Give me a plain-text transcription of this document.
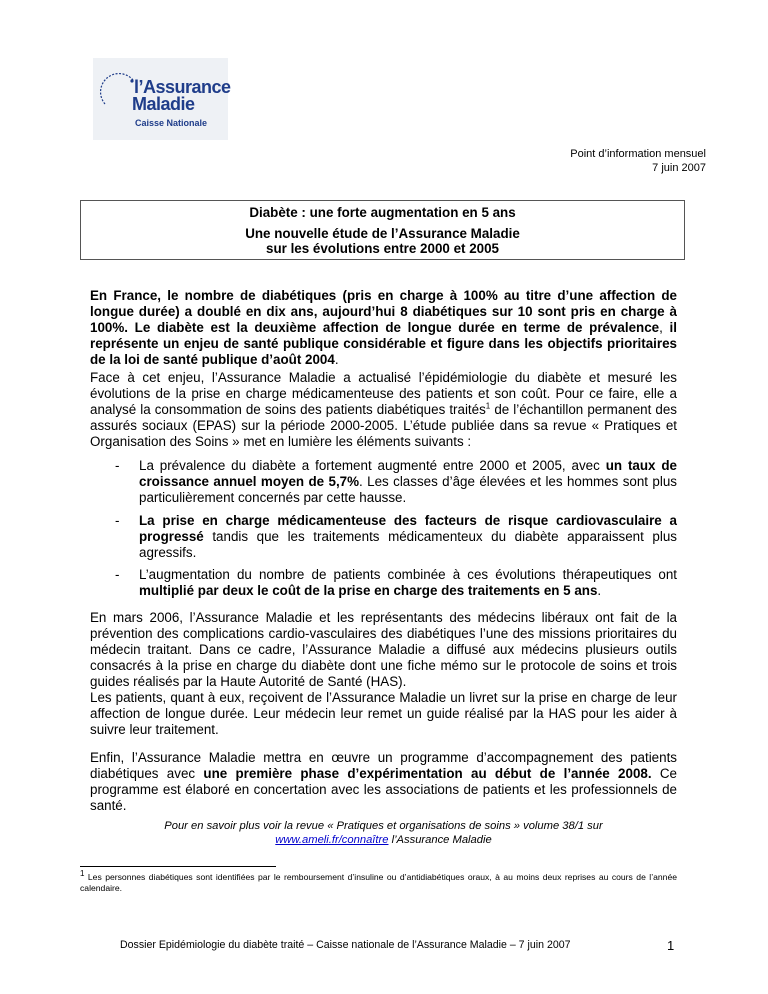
l’Assurance
Maladie
Caisse Nationale
Point d’information mensuel
7 juin 2007
Diabète : une forte augmentation en 5 ans
Une nouvelle étude de l’Assurance Maladie
sur les évolutions entre 2000 et 2005
En France, le nombre de diabétiques (pris en charge à 100% au titre d’une affection de longue durée) a doublé en dix ans, aujourd’hui 8 diabétiques sur 10 sont pris en charge à 100%. Le diabète est la deuxième affection de longue durée en terme de prévalence, il représente un enjeu de santé publique considérable et figure dans les objectifs prioritaires de la loi de santé publique d’août 2004.
Face à cet enjeu, l’Assurance Maladie a actualisé l’épidémiologie du diabète et mesuré les évolutions de la prise en charge médicamenteuse des patients et son coût. Pour ce faire, elle a analysé la consommation de soins des patients diabétiques traités$^1$ de l’échantillon permanent des assurés sociaux (EPAS) sur la période 2000-2005. L’étude publiée dans sa revue « Pratiques et Organisation des Soins » met en lumière les éléments suivants :
- La prévalence du diabète a fortement augmenté entre 2000 et 2005, avec un taux de croissance annuel moyen de 5,7%. Les classes d’âge élevées et les hommes sont plus particulièrement concernés par cette hausse.
- La prise en charge médicamenteuse des facteurs de risque cardiovasculaire a progressé tandis que les traitements médicamenteux du diabète apparaissent plus agressifs.
- L’augmentation du nombre de patients combinée à ces évolutions thérapeutiques ont multiplié par deux le coût de la prise en charge des traitements en 5 ans.
En mars 2006, l’Assurance Maladie et les représentants des médecins libéraux ont fait de la prévention des complications cardio-vasculaires des diabétiques l’une des missions prioritaires du médecin traitant. Dans ce cadre, l’Assurance Maladie a diffusé aux médecins plusieurs outils consacrés à la prise en charge du diabète dont une fiche mémo sur le protocole de soins et trois guides réalisés par la Haute Autorité de Santé (HAS).
Les patients, quant à eux, reçoivent de l’Assurance Maladie un livret sur la prise en charge de leur affection de longue durée. Leur médecin leur remet un guide réalisé par la HAS pour les aider à suivre leur traitement.
Enfin, l’Assurance Maladie mettra en œuvre un programme d’accompagnement des patients diabétiques avec une première phase d’expérimentation au début de l’année 2008. Ce programme est élaboré en concertation avec les associations de patients et les professionnels de santé.
Pour en savoir plus voir la revue « Pratiques et organisations de soins » volume 38/1 sur
www.ameli.fr/connaître l’Assurance Maladie
$^1$ Les personnes diabétiques sont identifiées par le remboursement d’insuline ou d’antidiabétiques oraux, à au moins deux reprises au cours de l’année calendaire.
Dossier Epidémiologie du diabète traité – Caisse nationale de l’Assurance Maladie – 7 juin 2007	1
